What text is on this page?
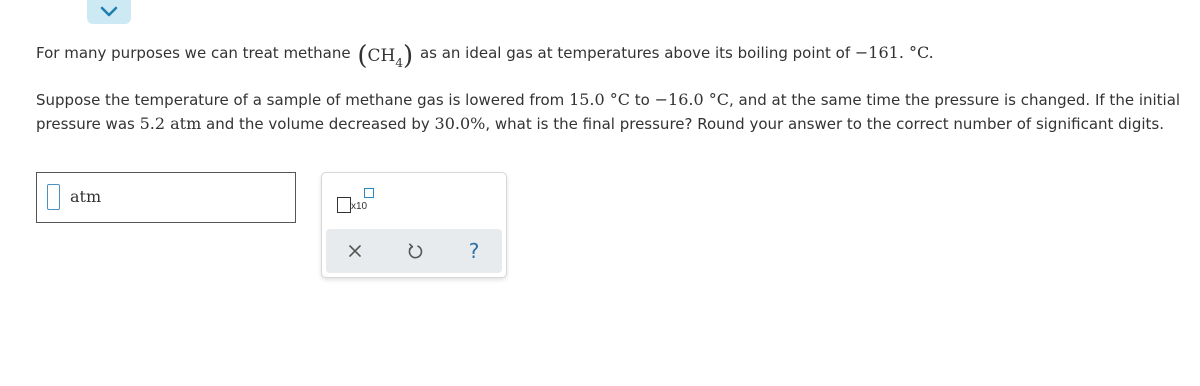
For many purposes we can treat methane ( CH 4 ) as an ideal gas at temperatures above its boiling point of −161. °C.
Suppose the temperature of a sample of methane gas is lowered from 15.0 °C to −16.0 °C, and at the same time the pressure is changed. If the initial
pressure was 5.2 atm and the volume decreased by 30.0%, what is the final pressure? Round your answer to the correct number of significant digits.
atm
x10
?
